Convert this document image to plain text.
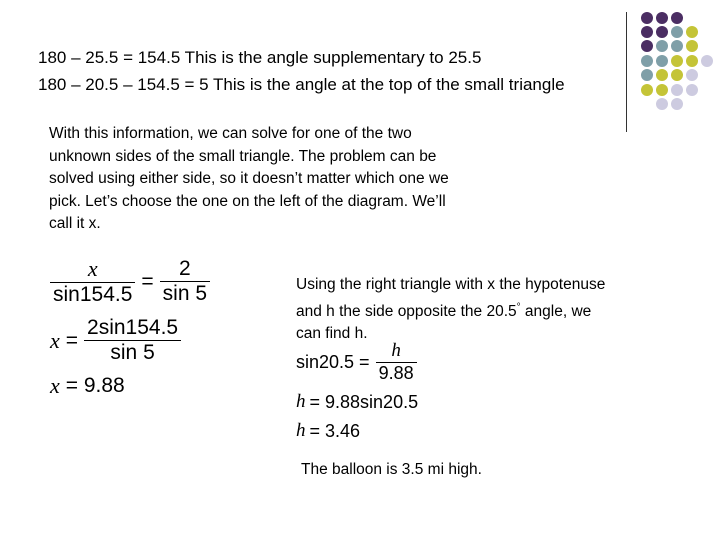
180 – 25.5 = 154.5 This is the angle supplementary to 25.5
180 – 20.5 – 154.5 = 5 This is the angle at the top of the small triangle
With this information, we can solve for one of the two unknown sides of the small triangle. The problem can be solved using either side, so it doesn’t matter which one we pick. Let’s choose the one on the left of the diagram. We’ll call it x.
$\frac{x}{\sin 154.5} = \frac{2}{\sin 5}$
$x = \frac{2\sin 154.5}{\sin 5}$
x = 9.88
Using the right triangle with x the hypotenuse
and h the side opposite the 20.5° angle, we
can find h.
$\sin 20.5 = \frac{h}{9.88}$
h = 9.88sin20.5
h = 3.46
The balloon is 3.5 mi high.
